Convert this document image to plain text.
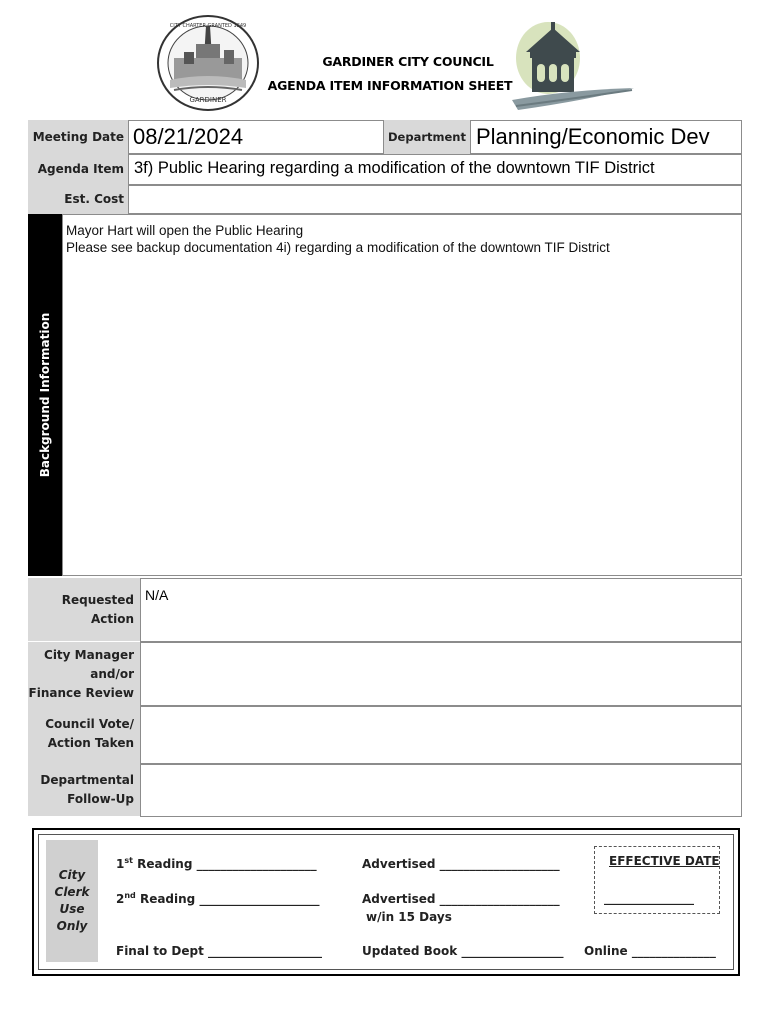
GARDINER
CITY CHARTER GRANTED 1849
GARDINER CITY COUNCIL
AGENDA ITEM INFORMATION SHEET
Meeting Date 08/21/2024	Department Planning/Economic Dev
Agenda Item 3f) Public Hearing regarding a modification of the downtown TIF District
Est. Cost
Background Information
Mayor Hart will open the Public Hearing
Please see backup documentation 4i) regarding a modification of the downtown TIF District
Requested
Action
N/A
City Manager
and/or
Finance Review
Council Vote/
Action Taken
Departmental
Follow-Up
City
Clerk
Use
Only
1st Reading ____________________
2nd Reading ____________________
Final to Dept ___________________
Advertised ____________________
Advertised ____________________
w/in 15 Days
Updated Book _________________
EFFECTIVE DATE
_______________
Online ______________
